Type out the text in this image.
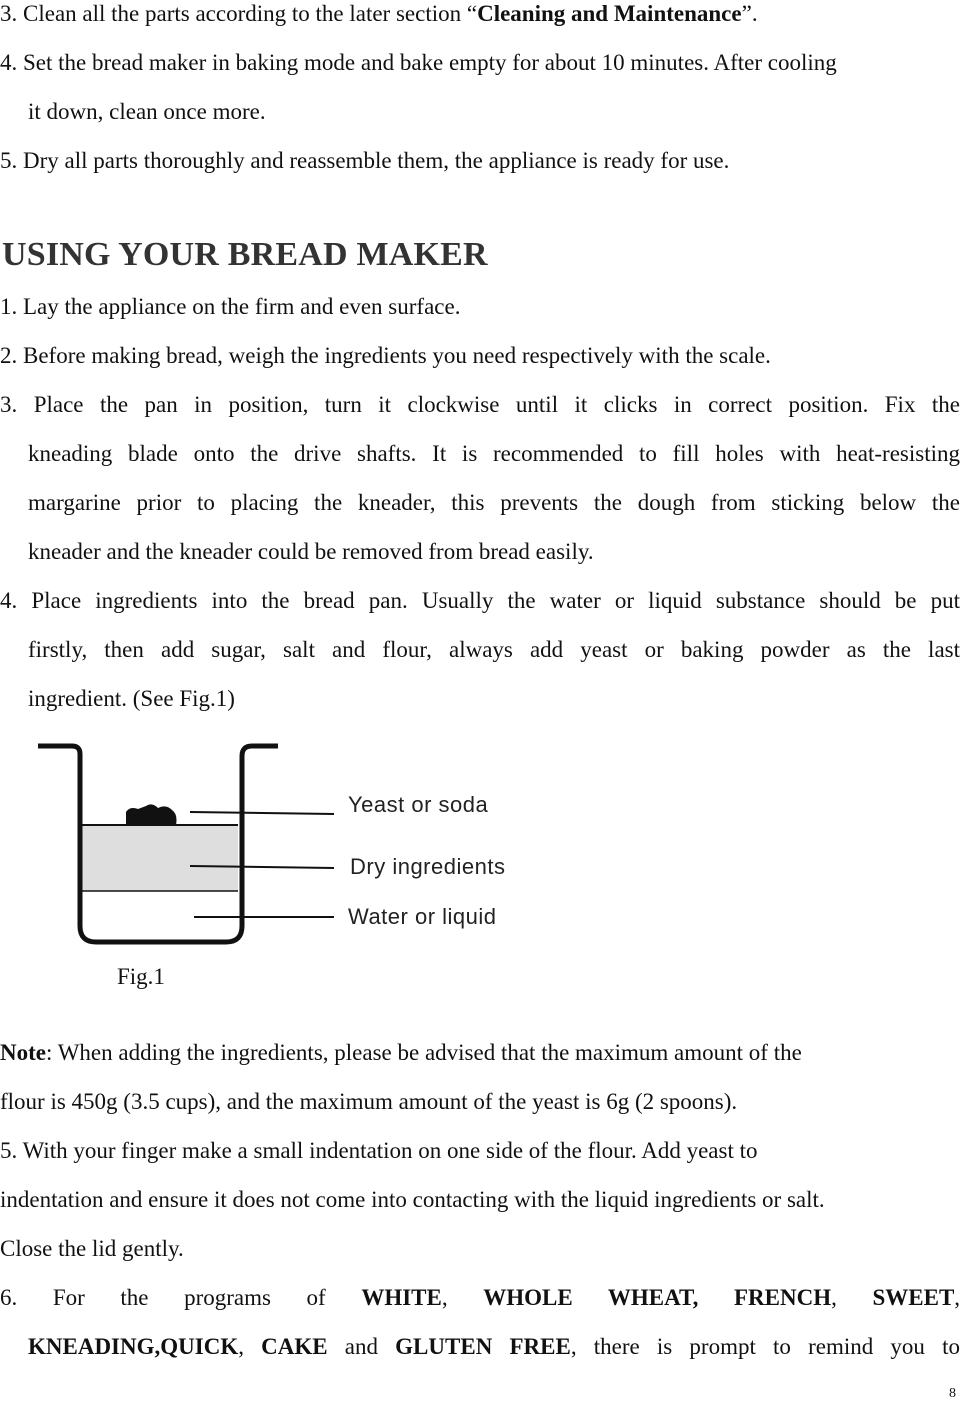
3. Clean all the parts according to the later section “Cleaning and Maintenance”.
4. Set the bread maker in baking mode and bake empty for about 10 minutes. After cooling
it down, clean once more.
5. Dry all parts thoroughly and reassemble them, the appliance is ready for use.
USING YOUR BREAD MAKER
1. Lay the appliance on the firm and even surface.
2. Before making bread, weigh the ingredients you need respectively with the scale.
3. Place the pan in position, turn it clockwise until it clicks in correct position. Fix the
kneading blade onto the drive shafts. It is recommended to fill holes with heat-resisting
margarine prior to placing the kneader, this prevents the dough from sticking below the
kneader and the kneader could be removed from bread easily.
4. Place ingredients into the bread pan. Usually the water or liquid substance should be put
firstly, then add sugar, salt and flour, always add yeast or baking powder as the last
ingredient. (See Fig.1)
Yeast or soda
Dry ingredients
Water or liquid
Fig.1
Note: When adding the ingredients, please be advised that the maximum amount of the
flour is 450g (3.5 cups), and the maximum amount of the yeast is 6g (2 spoons).
5. With your finger make a small indentation on one side of the flour. Add yeast to
indentation and ensure it does not come into contacting with the liquid ingredients or salt.
Close the lid gently.
6. For the programs of WHITE, WHOLE WHEAT, FRENCH, SWEET,
KNEADING,QUICK, CAKE and GLUTEN FREE, there is prompt to remind you to
8
